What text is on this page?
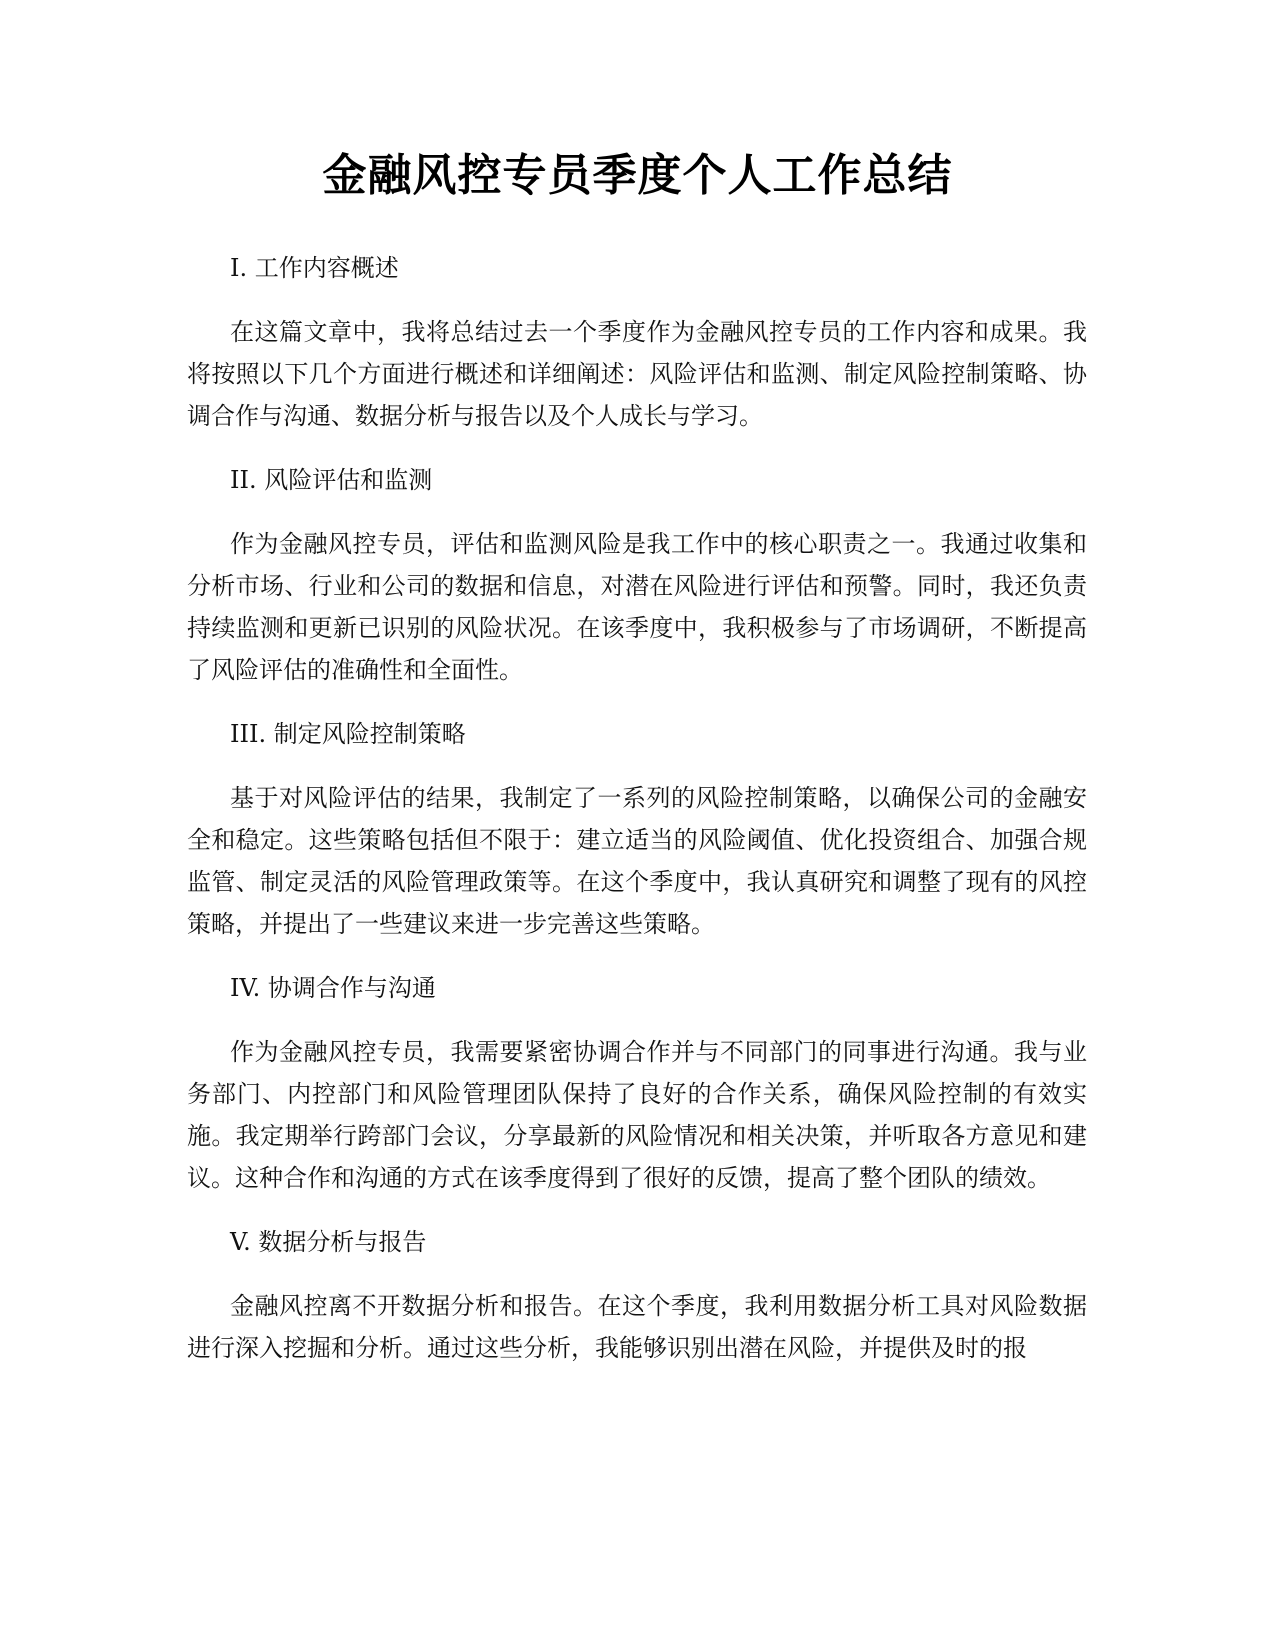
金融风控专员季度个人工作总结
I. 工作内容概述

在这篇文章中，我将总结过去一个季度作为金融风控专员的工作内容和成果。我将按照以下几个方面进行概述和详细阐述：风险评估和监测、制定风险控制策略、协调合作与沟通、数据分析与报告以及个人成长与学习。

II. 风险评估和监测

作为金融风控专员，评估和监测风险是我工作中的核心职责之一。我通过收集和分析市场、行业和公司的数据和信息，对潜在风险进行评估和预警。同时，我还负责持续监测和更新已识别的风险状况。在该季度中，我积极参与了市场调研，不断提高了风险评估的准确性和全面性。

III. 制定风险控制策略

基于对风险评估的结果，我制定了一系列的风险控制策略，以确保公司的金融安全和稳定。这些策略包括但不限于：建立适当的风险阈值、优化投资组合、加强合规监管、制定灵活的风险管理政策等。在这个季度中，我认真研究和调整了现有的风控策略，并提出了一些建议来进一步完善这些策略。

IV. 协调合作与沟通

作为金融风控专员，我需要紧密协调合作并与不同部门的同事进行沟通。我与业务部门、内控部门和风险管理团队保持了良好的合作关系，确保风险控制的有效实施。我定期举行跨部门会议，分享最新的风险情况和相关决策，并听取各方意见和建议。这种合作和沟通的方式在该季度得到了很好的反馈，提高了整个团队的绩效。

V. 数据分析与报告

金融风控离不开数据分析和报告。在这个季度，我利用数据分析工具对风险数据进行深入挖掘和分析。通过这些分析，我能够识别出潜在风险，并提供及时的报
